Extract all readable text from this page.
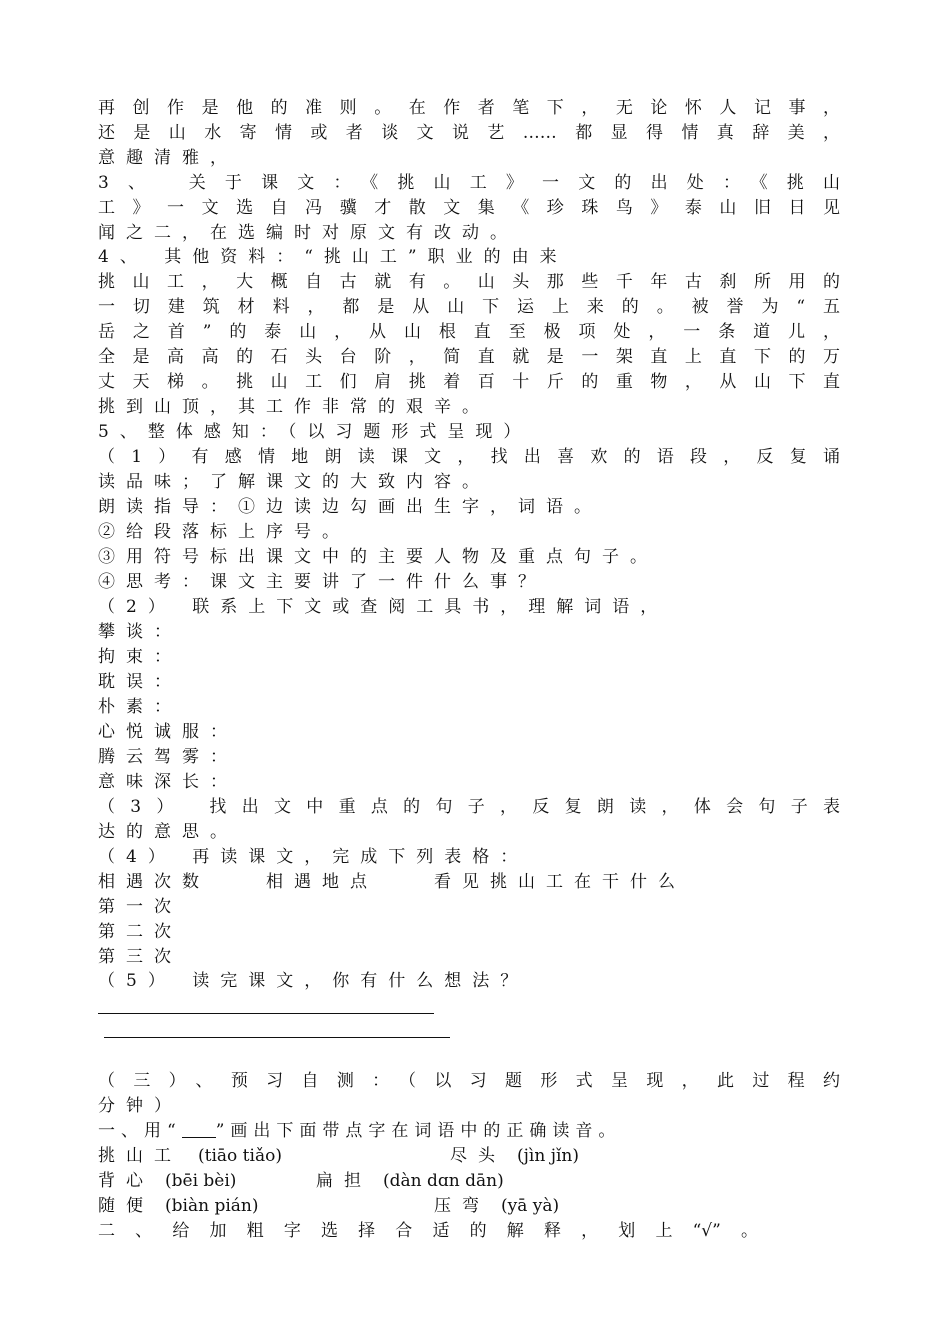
再创作是他的准则。在作者笔下，无论怀人记事，
还是山水寄情或者谈文说艺……都显得情真辞美，
意趣清雅，
3、 关于课文：《挑山工》一文的出处：《挑山
工》一文选自冯骥才散文集《珍珠鸟》泰山旧日见
闻之二，在选编时对原文有改动。
4、 其他资料：“挑山工”职业的由来
挑山工，大概自古就有。山头那些千年古刹所用的
一切建筑材料，都是从山下运上来的。被誉为“五
岳之首”的泰山，从山根直至极项处，一条道儿，
全是高高的石头台阶，简直就是一架直上直下的万
丈天梯。挑山工们肩挑着百十斤的重物，从山下直
挑到山顶，其工作非常的艰辛。
5、整体感知：（以习题形式呈现）
（1）有感情地朗读课文，找出喜欢的语段，反复诵
读品味；了解课文的大致内容。
朗读指导：①边读边勾画出生字，词语。
②给段落标上序号。
③用符号标出课文中的主要人物及重点句子。
④思考：课文主要讲了一件什么事？
（2） 联系上下文或查阅工具书，理解词语，
攀谈：
拘束：
耽误：
朴素：
心悦诚服：
腾云驾雾：
意味深长：
（3） 找出文中重点的句子，反复朗读，体会句子表
达的意思。
（4） 再读课文，完成下列表格：
相遇次数	相遇地点	看见挑山工在干什么
第一次
第二次
第三次
（5） 读完课文，你有什么想法？
（三）、预习自测：（以习题形式呈现，此过程约
分钟）
一、用“ ”画出下面带点字在词语中的正确读音。
挑山工 (tiāo tiǎo)	尽头 (jìn jǐn)
背心 (bēi bèi)	扁担 (dàn dɑn dān)
随便 (biàn pián)	压弯 (yā yà)
二、给加粗字选择合适的解释，划上“√”。
